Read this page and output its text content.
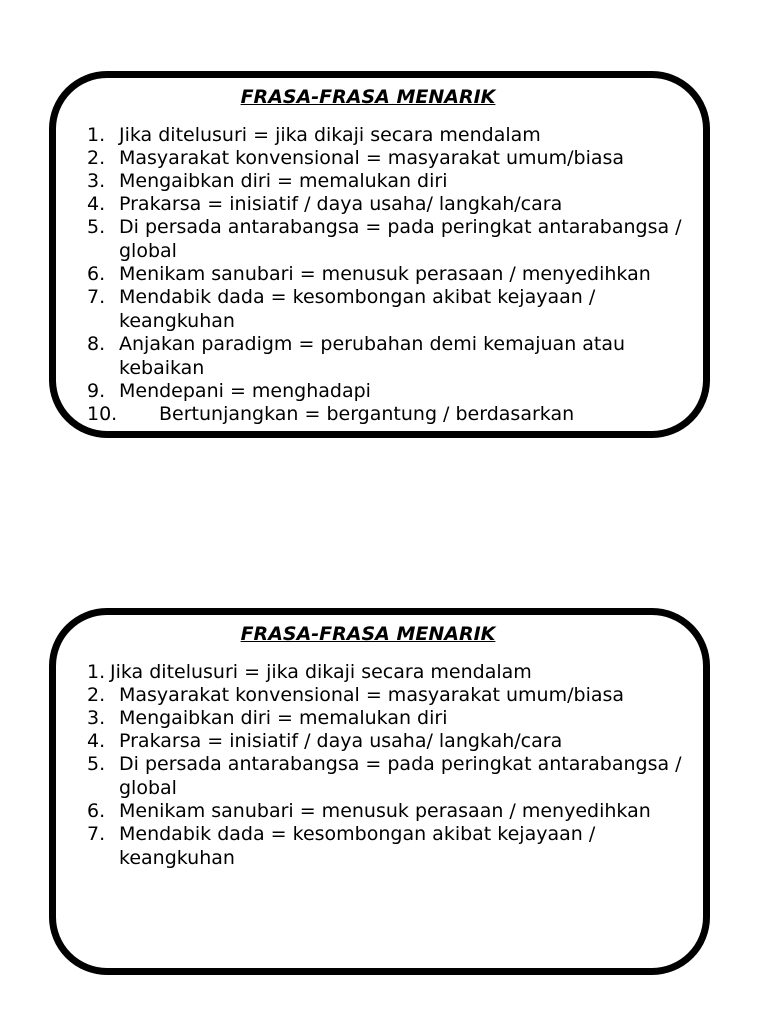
FRASA-FRASA MENARIK
1. Jika ditelusuri = jika dikaji secara mendalam
2. Masyarakat konvensional = masyarakat umum/biasa
3. Mengaibkan diri = memalukan diri
4. Prakarsa = inisiatif / daya usaha/ langkah/cara
5. Di persada antarabangsa = pada peringkat antarabangsa / global
6. Menikam sanubari = menusuk perasaan / menyedihkan
7. Mendabik dada = kesombongan akibat kejayaan / keangkuhan
8. Anjakan paradigm = perubahan demi kemajuan atau kebaikan
9. Mendepani = menghadapi
10.	Bertunjangkan = bergantung / berdasarkan
FRASA-FRASA MENARIK
1. Jika ditelusuri = jika dikaji secara mendalam
2. Masyarakat konvensional = masyarakat umum/biasa
3. Mengaibkan diri = memalukan diri
4. Prakarsa = inisiatif / daya usaha/ langkah/cara
5. Di persada antarabangsa = pada peringkat antarabangsa / global
6. Menikam sanubari = menusuk perasaan / menyedihkan
7. Mendabik dada = kesombongan akibat kejayaan / keangkuhan
